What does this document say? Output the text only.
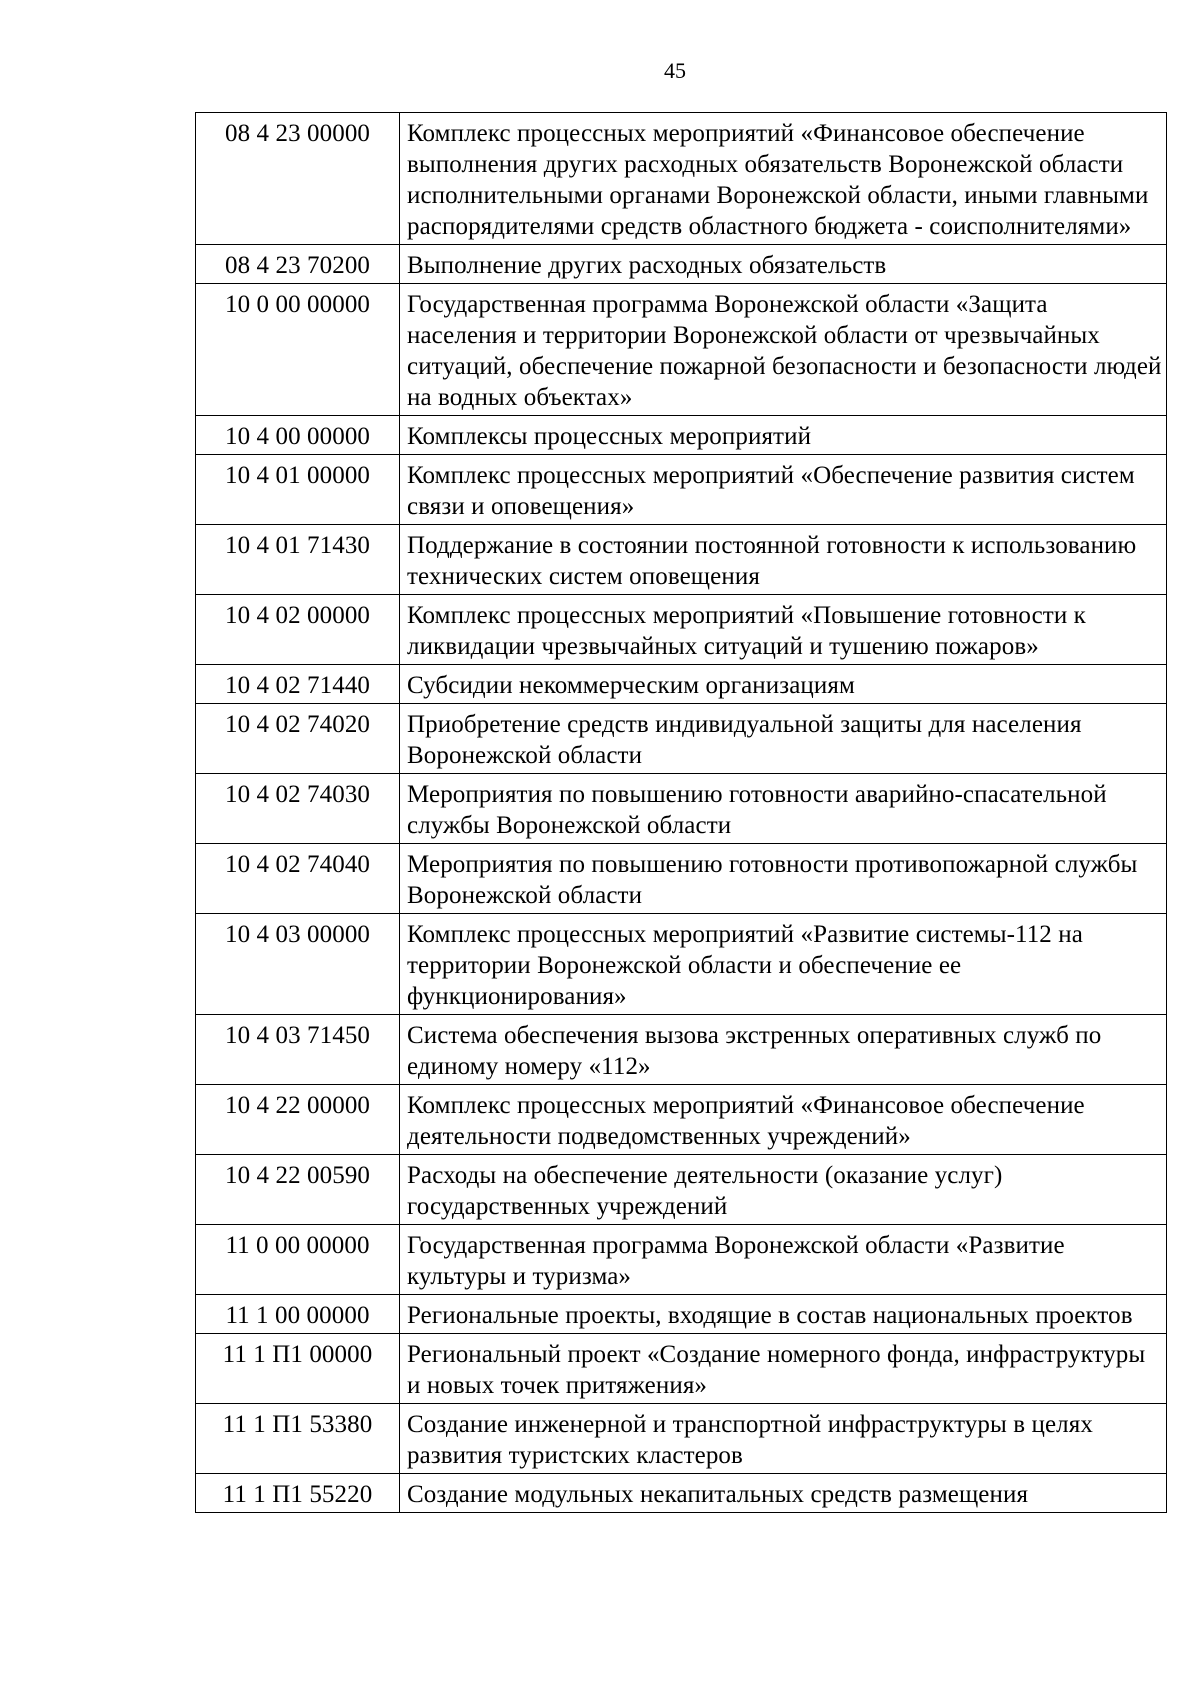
45
08 4 23 00000	Комплекс процессных мероприятий «Финансовое обеспечение выполнения других расходных обязательств Воронежской области исполнительными органами Воронежской области, иными главными распорядителями средств областного бюджета - соисполнителями»
08 4 23 70200	Выполнение других расходных обязательств
10 0 00 00000	Государственная программа Воронежской области «Защита населения и территории Воронежской области от чрезвычайных ситуаций, обеспечение пожарной безопасности и безопасности людей на водных объектах»
10 4 00 00000	Комплексы процессных мероприятий
10 4 01 00000	Комплекс процессных мероприятий «Обеспечение развития систем связи и оповещения»
10 4 01 71430	Поддержание в состоянии постоянной готовности к использованию технических систем оповещения
10 4 02 00000	Комплекс процессных мероприятий «Повышение готовности к ликвидации чрезвычайных ситуаций и тушению пожаров»
10 4 02 71440	Субсидии некоммерческим организациям
10 4 02 74020	Приобретение средств индивидуальной защиты для населения Воронежской области
10 4 02 74030	Мероприятия по повышению готовности аварийно-спасательной службы Воронежской области
10 4 02 74040	Мероприятия по повышению готовности противопожарной службы Воронежской области
10 4 03 00000	Комплекс процессных мероприятий «Развитие системы-112 на территории Воронежской области и обеспечение ее функционирования»
10 4 03 71450	Система обеспечения вызова экстренных оперативных служб по единому номеру «112»
10 4 22 00000	Комплекс процессных мероприятий «Финансовое обеспечение деятельности подведомственных учреждений»
10 4 22 00590	Расходы на обеспечение деятельности (оказание услуг) государственных учреждений
11 0 00 00000	Государственная программа Воронежской области «Развитие культуры и туризма»
11 1 00 00000	Региональные проекты, входящие в состав национальных проектов
11 1 П1 00000	Региональный проект «Создание номерного фонда, инфраструктуры и новых точек притяжения»
11 1 П1 53380	Создание инженерной и транспортной инфраструктуры в целях развития туристских кластеров
11 1 П1 55220	Создание модульных некапитальных средств размещения
